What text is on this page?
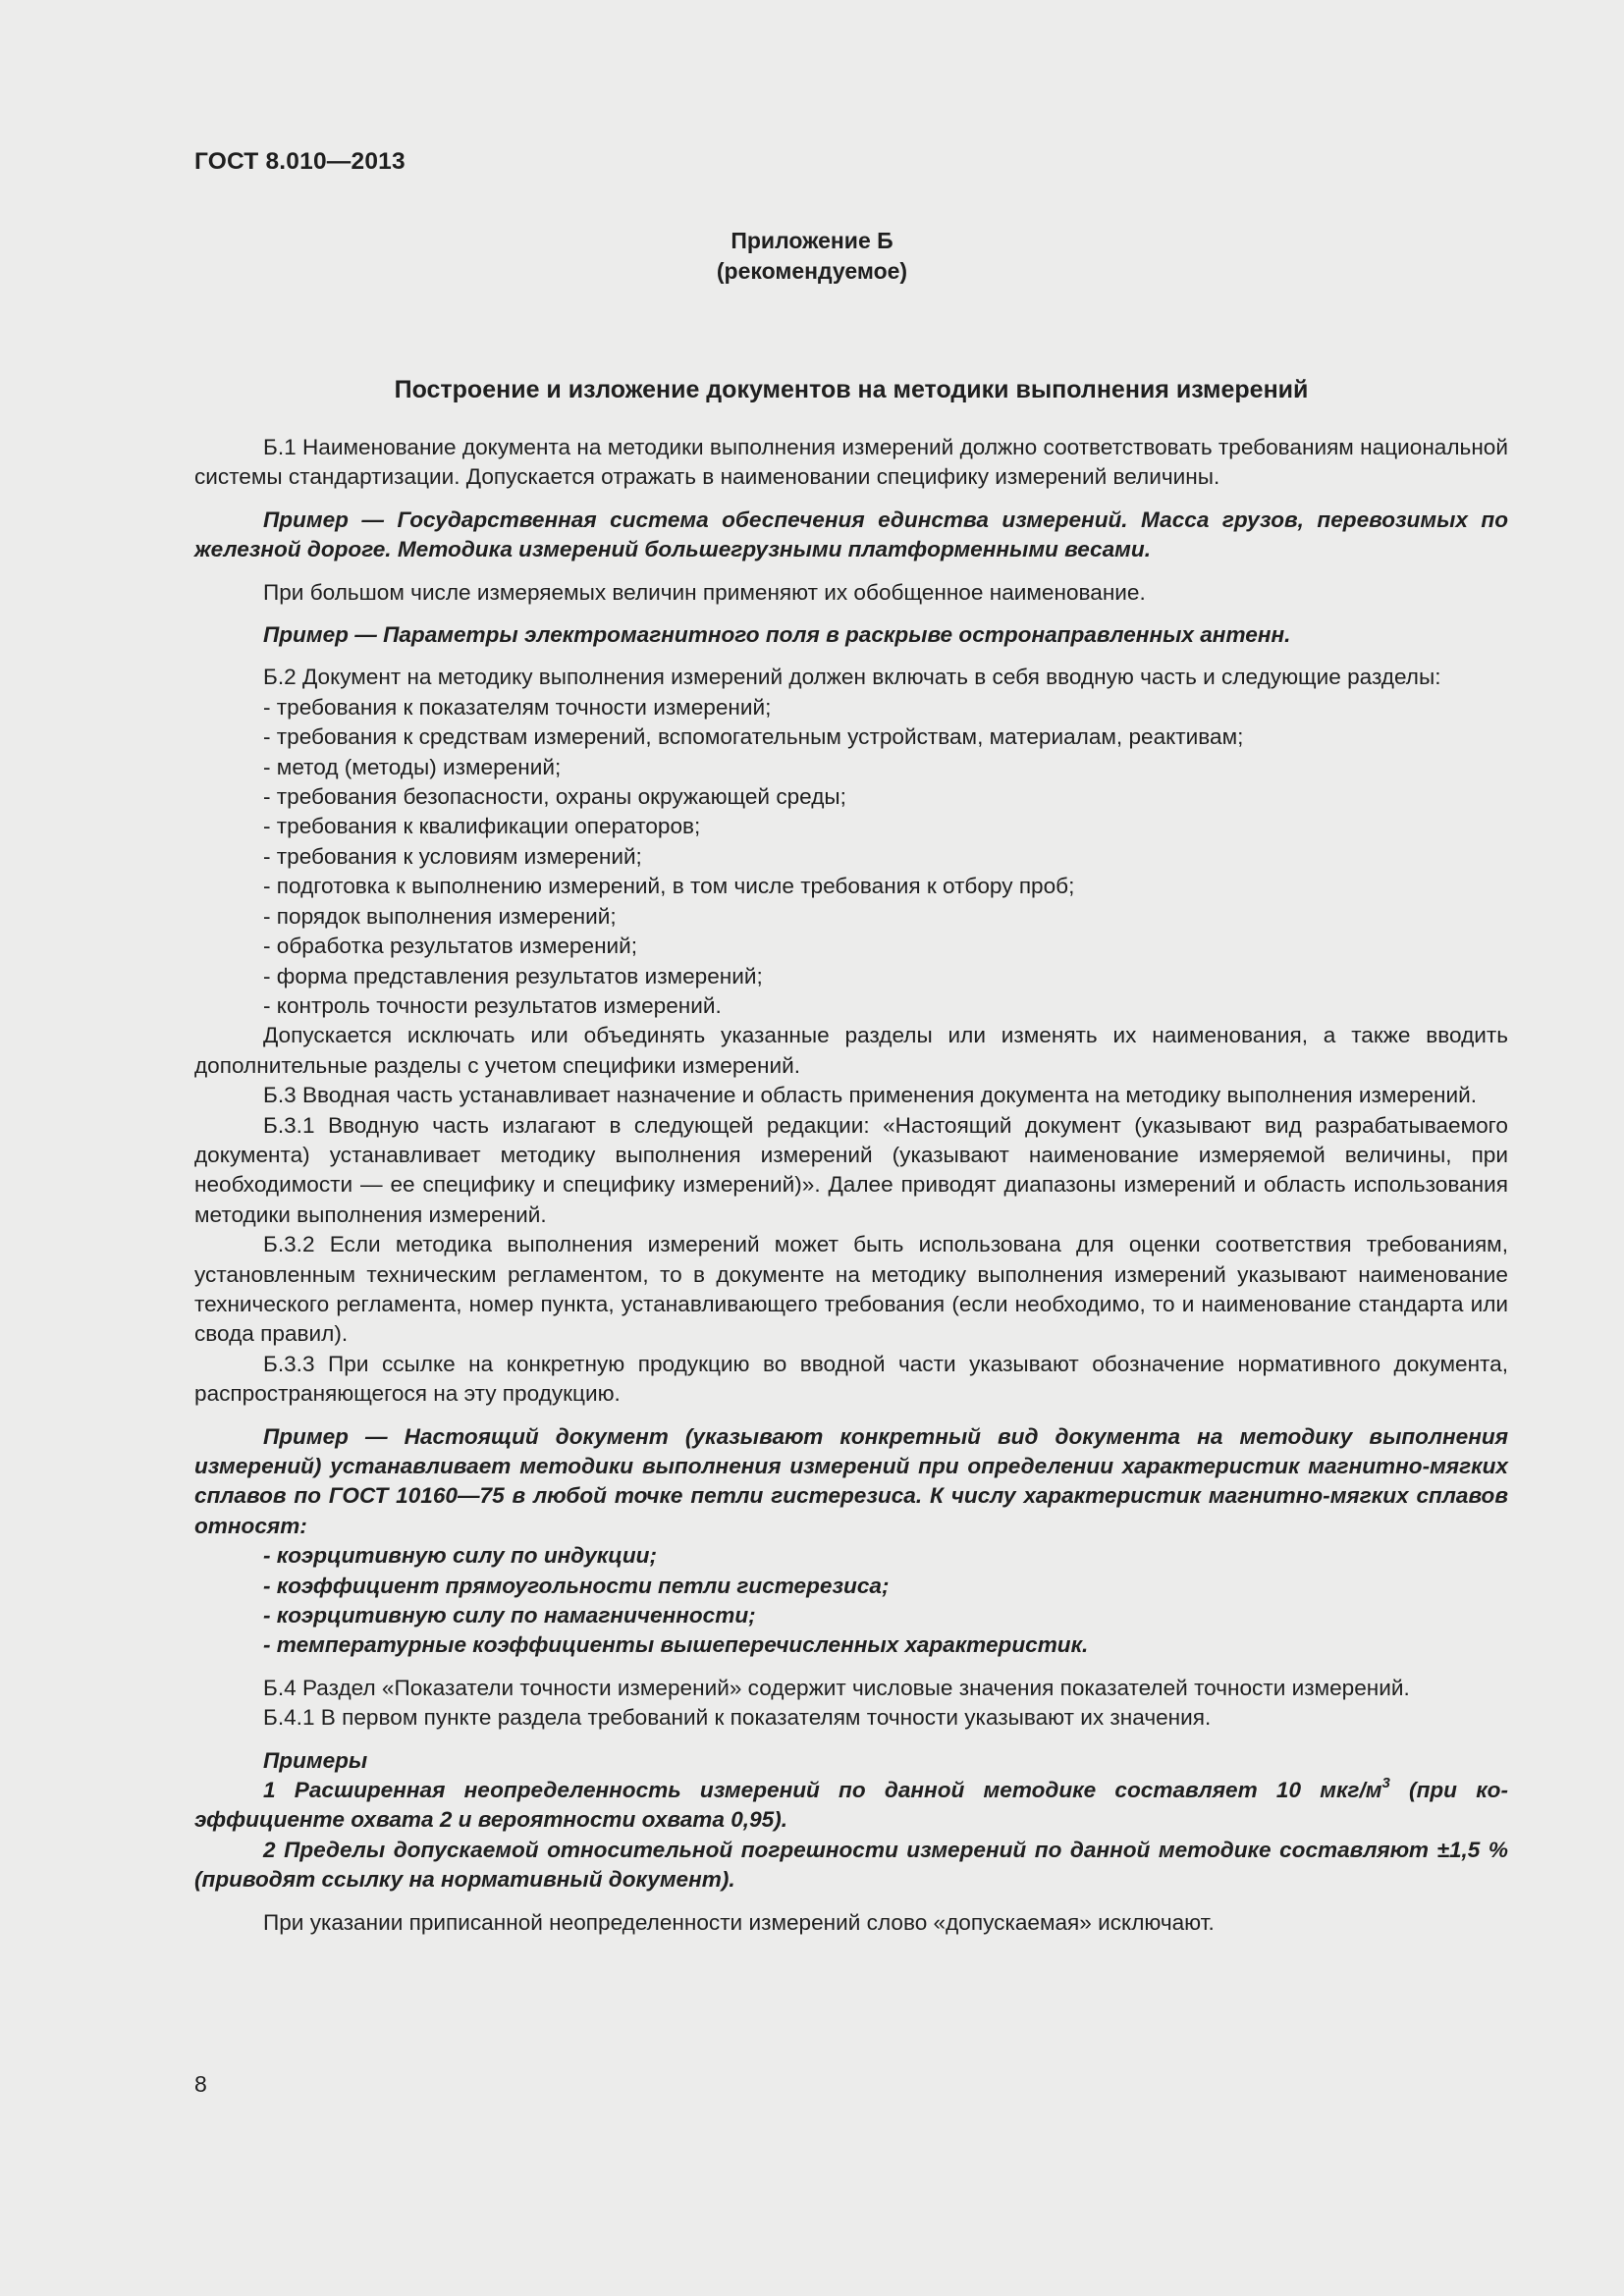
ГОСТ 8.010—2013
Приложение Б
(рекомендуемое)
Построение и изложение документов на методики выполнения измерений

Б.1 Наименование документа на методики выполнения измерений должно соответствовать требованиям национальной системы стандартизации. Допускается отражать в наименовании специфику измерений величины.

Пример — Государственная система обеспечения единства измерений. Масса грузов, перевозимых по железной дороге. Методика измерений большегрузными платформенными весами.

При большом числе измеряемых величин применяют их обобщенное наименование.

Пример — Параметры электромагнитного поля в раскрыве остронаправленных антенн.

Б.2 Документ на методику выполнения измерений должен включать в себя вводную часть и следующие разделы:

- требования к показателям точности измерений;
- требования к средствам измерений, вспомогательным устройствам, материалам, реактивам;
- метод (методы) измерений;
- требования безопасности, охраны окружающей среды;
- требования к квалификации операторов;
- требования к условиям измерений;
- подготовка к выполнению измерений, в том числе требования к отбору проб;
- порядок выполнения измерений;
- обработка результатов измерений;
- форма представления результатов измерений;
- контроль точности результатов измерений.

Допускается исключать или объединять указанные разделы или изменять их наименования, а также вводить дополнительные разделы с учетом специфики измерений.

Б.3 Вводная часть устанавливает назначение и область применения документа на методику выполнения измерений.

Б.3.1 Вводную часть излагают в следующей редакции: «Настоящий документ (указывают вид разрабатываемого документа) устанавливает методику выполнения измерений (указывают наименование измеряемой величины, при необходимости — ее специфику и специфику измерений)». Далее приводят диапазоны измерений и область использования методики выполнения измерений.

Б.3.2 Если методика выполнения измерений может быть использована для оценки соответствия требованиям, установленным техническим регламентом, то в документе на методику выполнения измерений указывают наименование технического регламента, номер пункта, устанавливающего требования (если необходимо, то и наименование стандарта или свода правил).

Б.3.3 При ссылке на конкретную продукцию во вводной части указывают обозначение нормативного документа, распространяющегося на эту продукцию.

Пример — Настоящий документ (указывают конкретный вид документа на методику выполнения измерений) устанавливает методики выполнения измерений при определении характеристик магнитно-мягких сплавов по ГОСТ 10160—75 в любой точке петли гистерезиса. К числу характеристик магнитно-мягких сплавов относят:

- коэрцитивную силу по индукции;
- коэффициент прямоугольности петли гистерезиса;
- коэрцитивную силу по намагниченности;
- температурные коэффициенты вышеперечисленных характеристик.

Б.4 Раздел «Показатели точности измерений» содержит числовые значения показателей точности измерений.

Б.4.1 В первом пункте раздела требований к показателям точности указывают их значения.

Примеры

1 Расширенная неопределенность измерений по данной методике составляет 10 мкг/$м^3$ (при коэффициенте охвата 2 и вероятности охвата 0,95).

2 Пределы допускаемой относительной погрешности измерений по данной методике составляют ±1,5 % (приводят ссылку на нормативный документ).

При указании приписанной неопределенности измерений слово «допускаемая» исключают.

8
